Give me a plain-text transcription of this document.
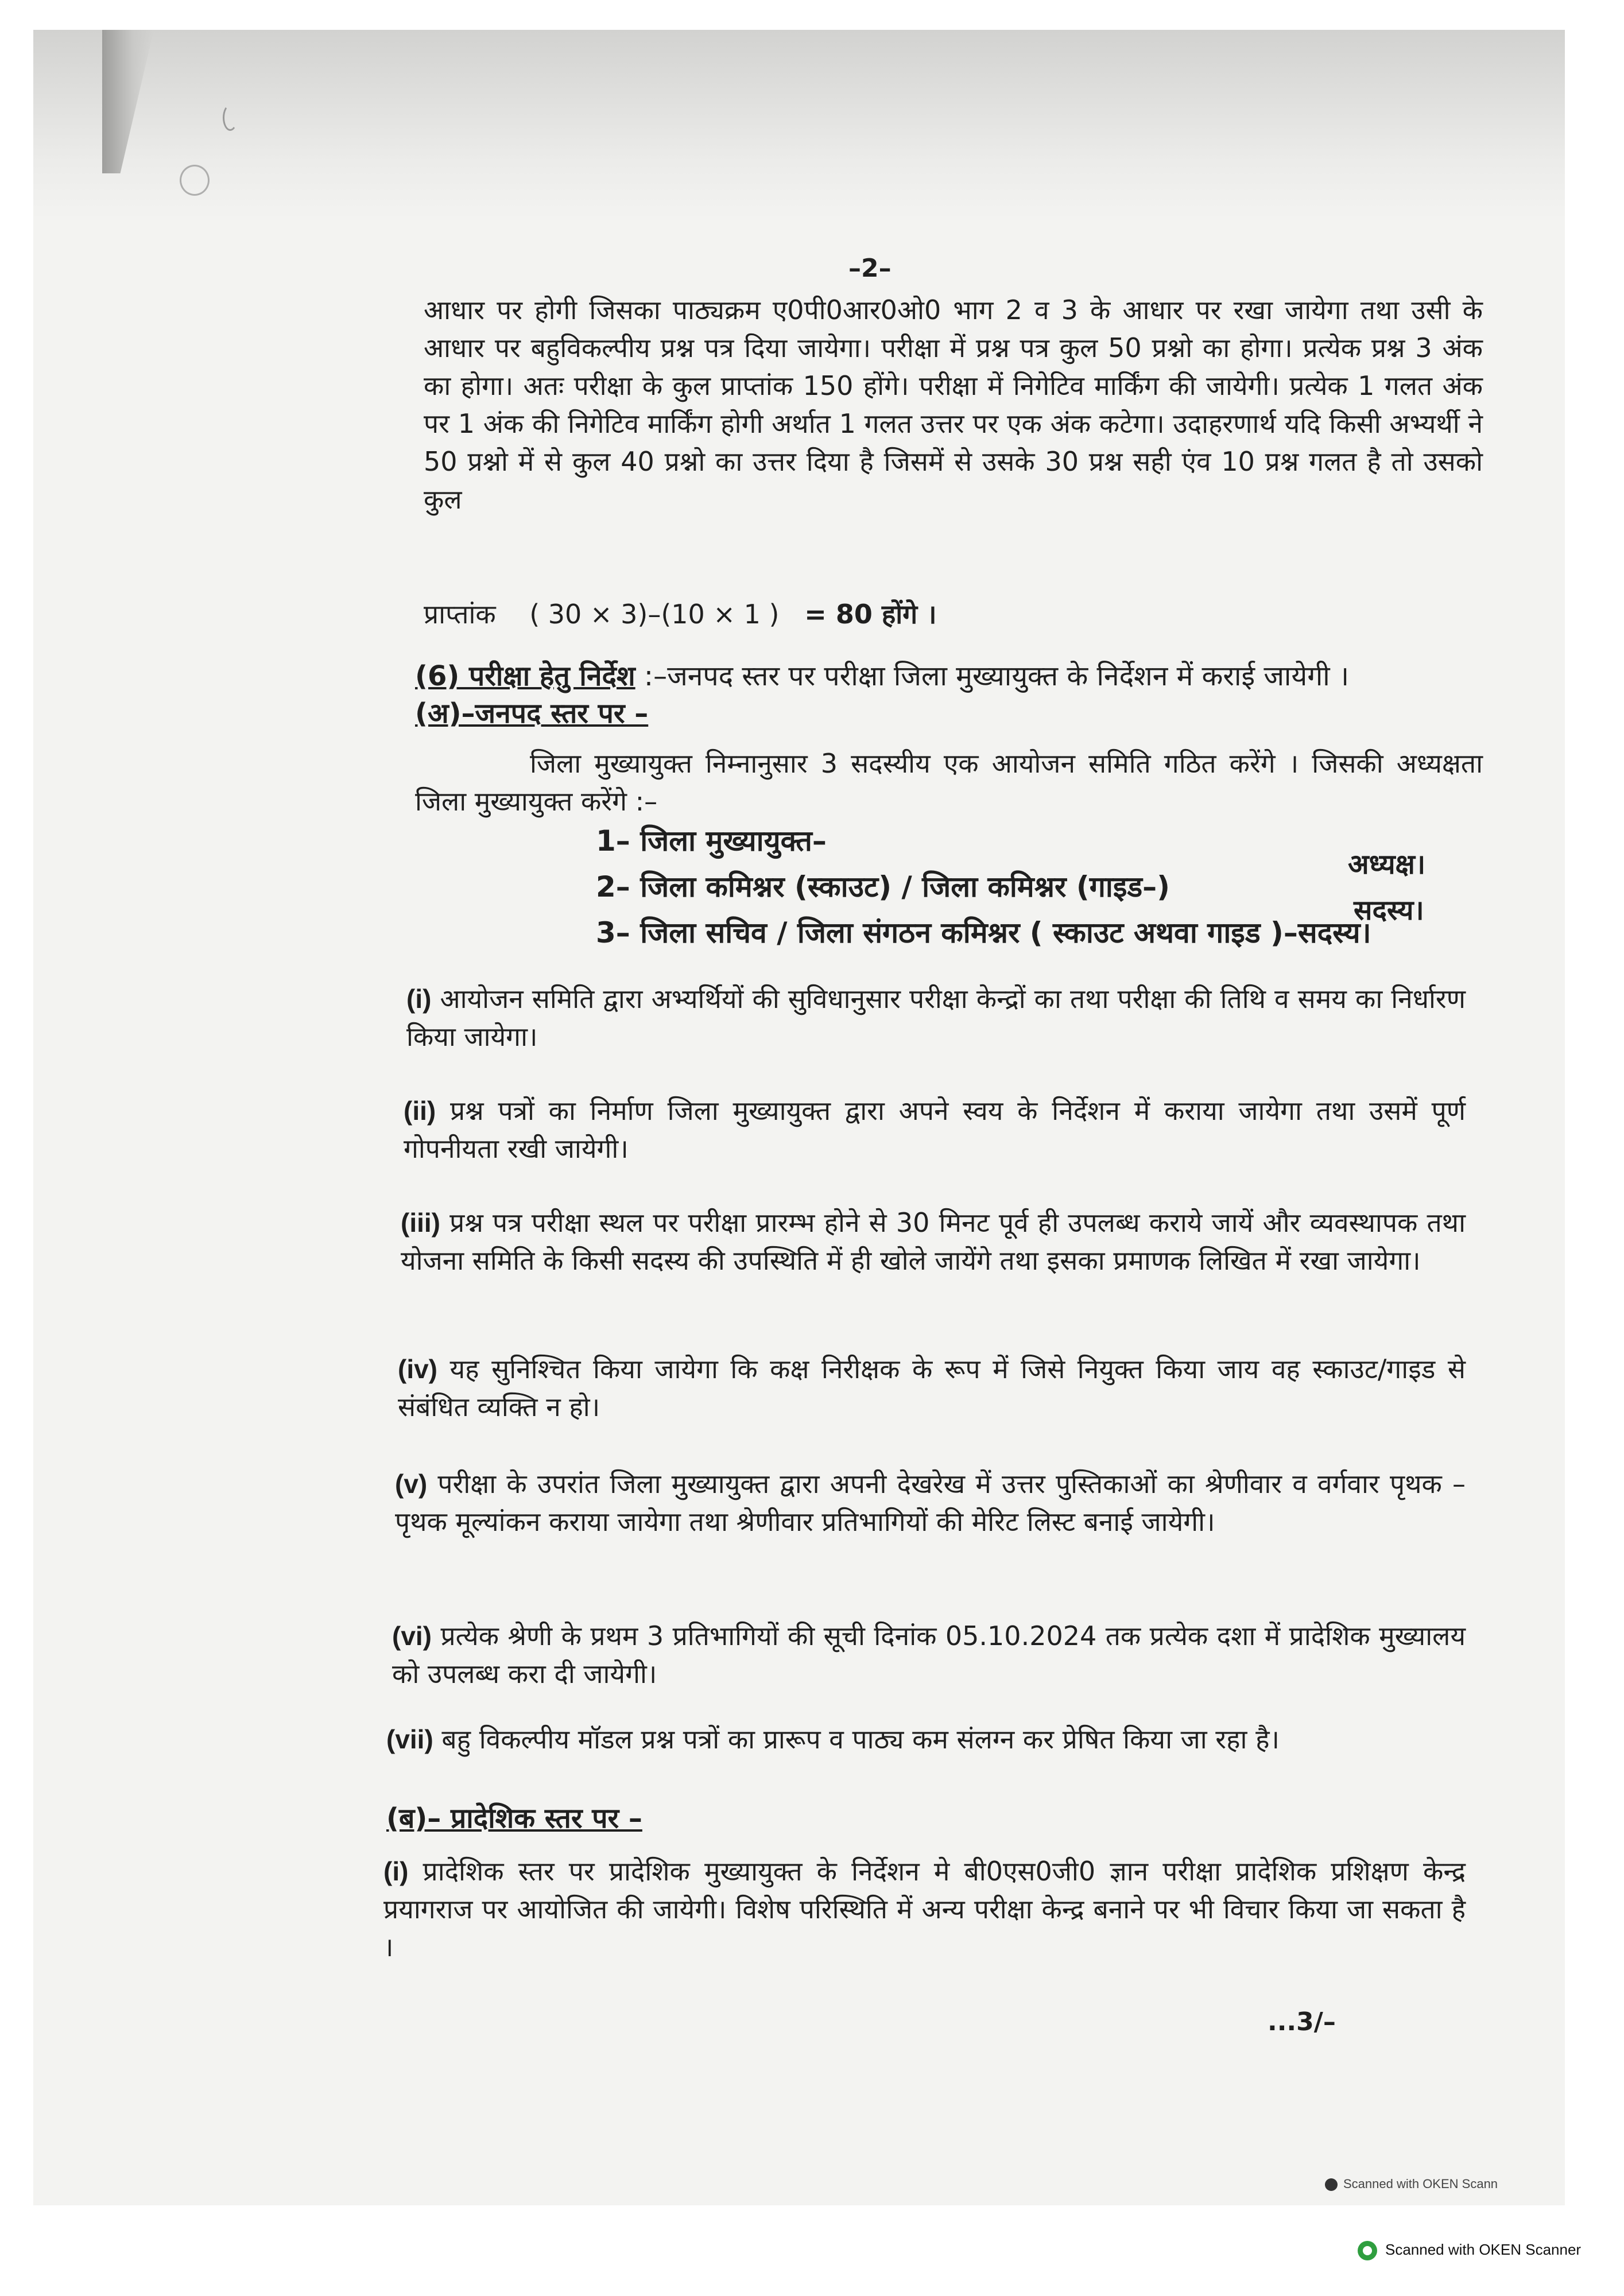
–2–

आधार पर होगी जिसका पाठ्यक्रम ए0पी0आर0ओ0 भाग 2 व 3 के आधार पर रखा जायेगा तथा उसी के आधार पर बहुविकल्पीय प्रश्न पत्र दिया जायेगा। परीक्षा में प्रश्न पत्र कुल 50 प्रश्नो का होगा। प्रत्येक प्रश्न 3 अंक का होगा। अतः परीक्षा के कुल प्राप्तांक 150 होंगे। परीक्षा में निगेटिव मार्किंग की जायेगी। प्रत्येक 1 गलत अंक पर 1 अंक की निगेटिव मार्किंग होगी अर्थात 1 गलत उत्तर पर एक अंक कटेगा। उदाहरणार्थ यदि किसी अभ्यर्थी ने 50 प्रश्नो में से कुल 40 प्रश्नो का उत्तर दिया है जिसमें से उसके 30 प्रश्न सही एंव 10 प्रश्न गलत है तो उसको कुल

प्राप्तांक ( 30 × 3)–(10 × 1 ) = 80 होंगे ।
(6) परीक्षा हेतु निर्देश :–जनपद स्तर पर परीक्षा जिला मुख्यायुक्त के निर्देशन में कराई जायेगी ।
(अ)–जनपद स्तर पर –

जिला मुख्यायुक्त निम्नानुसार 3 सदस्यीय एक आयोजन समिति गठित करेंगे । जिसकी अध्यक्षता जिला मुख्यायुक्त करेंगे :–

1– जिला मुख्यायुक्त–
अध्यक्ष।
2– जिला कमिश्नर (स्काउट) / जिला कमिश्नर (गाइड–)
सदस्य।
3– जिला सचिव / जिला संगठन कमिश्नर ( स्काउट अथवा गाइड )–सदस्य।

(i) आयोजन समिति द्वारा अभ्यर्थियों की सुविधानुसार परीक्षा केन्द्रों का तथा परीक्षा की तिथि व समय का निर्धारण किया जायेगा।

(ii) प्रश्न पत्रों का निर्माण जिला मुख्यायुक्त द्वारा अपने स्वय के निर्देशन में कराया जायेगा तथा उसमें पूर्ण गोपनीयता रखी जायेगी।

(iii) प्रश्न पत्र परीक्षा स्थल पर परीक्षा प्रारम्भ होने से 30 मिनट पूर्व ही उपलब्ध कराये जायें और व्यवस्थापक तथा योजना समिति के किसी सदस्य की उपस्थिति में ही खोले जायेंगे तथा इसका प्रमाणक लिखित में रखा जायेगा।

(iv) यह सुनिश्चित किया जायेगा कि कक्ष निरीक्षक के रूप में जिसे नियुक्त किया जाय वह स्काउट/गाइड से संबंधित व्यक्ति न हो।

(v) परीक्षा के उपरांत जिला मुख्यायुक्त द्वारा अपनी देखरेख में उत्तर पुस्तिकाओं का श्रेणीवार व वर्गवार पृथक – पृथक मूल्यांकन कराया जायेगा तथा श्रेणीवार प्रतिभागियों की मेरिट लिस्ट बनाई जायेगी।

(vi) प्रत्येक श्रेणी के प्रथम 3 प्रतिभागियों की सूची दिनांक 05.10.2024 तक प्रत्येक दशा में प्रादेशिक मुख्यालय को उपलब्ध करा दी जायेगी।

(vii) बहु विकल्पीय मॉडल प्रश्न पत्रों का प्रारूप व पाठ्य कम संलग्न कर प्रेषित किया जा रहा है।

(ब)– प्रादेशिक स्तर पर –

(i) प्रादेशिक स्तर पर प्रादेशिक मुख्यायुक्त के निर्देशन मे बी0एस0जी0 ज्ञान परीक्षा प्रादेशिक प्रशिक्षण केन्द्र प्रयागराज पर आयोजित की जायेगी। विशेष परिस्थिति में अन्य परीक्षा केन्द्र बनाने पर भी विचार किया जा सकता है ।

...3/–
Scanned with OKEN Scann
Scanned with OKEN Scanner
